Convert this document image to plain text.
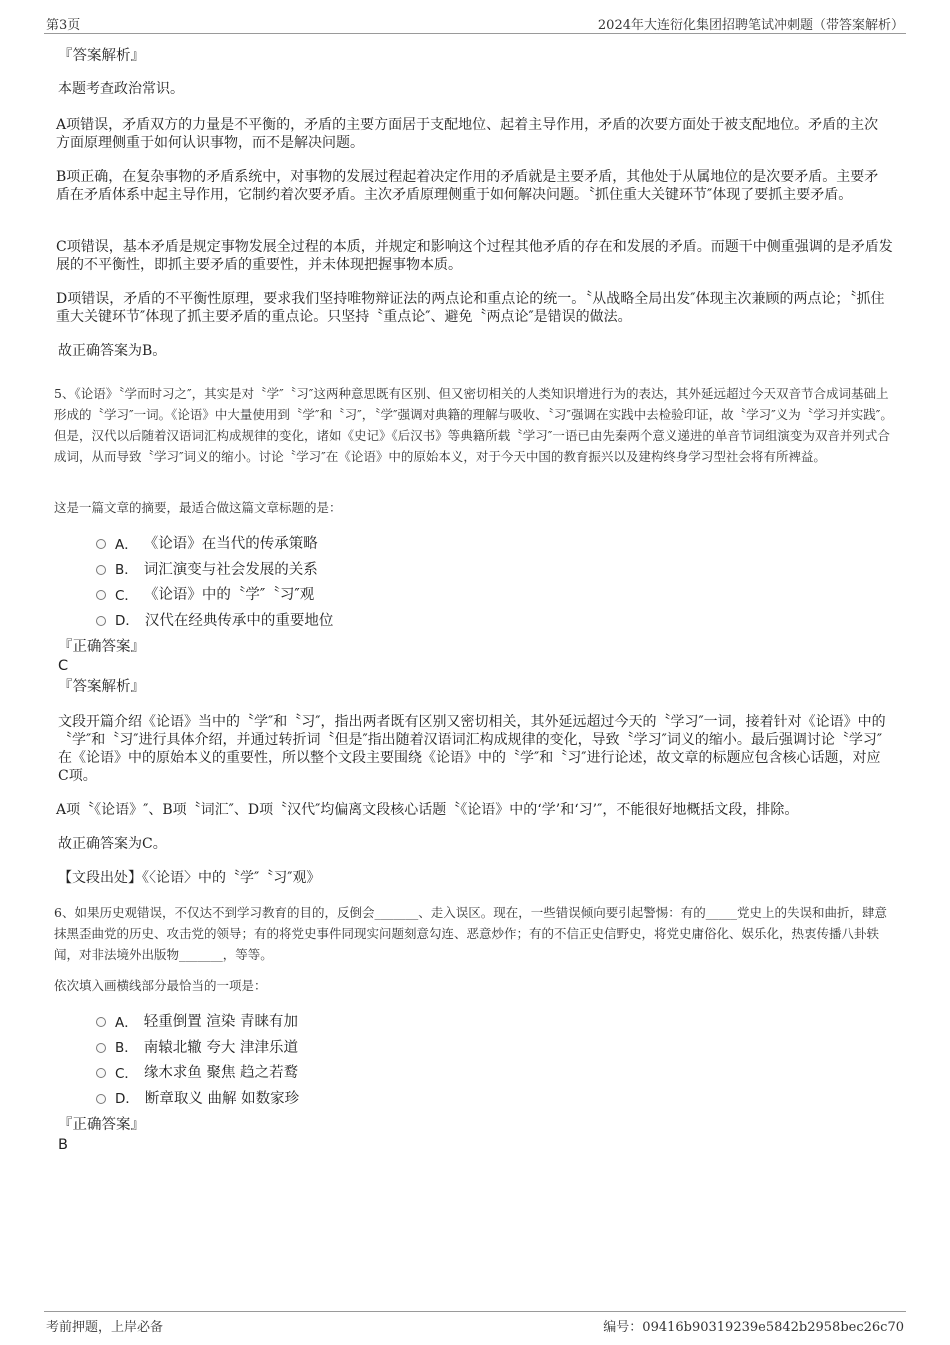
第3页	2024年大连衍化集团招聘笔试冲刺题（带答案解析）
『答案解析』
本题考查政治常识。
A项错误，矛盾双方的力量是不平衡的，矛盾的主要方面居于支配地位、起着主导作用，矛盾的次要方面处于被支配地位。矛盾的主次方面原理侧重于如何认识事物，而不是解决问题。
B项正确，在复杂事物的矛盾系统中，对事物的发展过程起着决定作用的矛盾就是主要矛盾，其他处于从属地位的是次要矛盾。主要矛盾在矛盾体系中起主导作用，它制约着次要矛盾。主次矛盾原理侧重于如何解决问题。〝抓住重大关键环节″体现了要抓主要矛盾。
C项错误，基本矛盾是规定事物发展全过程的本质，并规定和影响这个过程其他矛盾的存在和发展的矛盾。而题干中侧重强调的是矛盾发展的不平衡性，即抓主要矛盾的重要性，并未体现把握事物本质。
D项错误，矛盾的不平衡性原理，要求我们坚持唯物辩证法的两点论和重点论的统一。〝从战略全局出发″体现主次兼顾的两点论；〝抓住重大关键环节″体现了抓主要矛盾的重点论。只坚持〝重点论″、避免〝两点论″是错误的做法。
故正确答案为B。
5、《论语》〝学而时习之″，其实是对〝学″〝习″这两种意思既有区别、但又密切相关的人类知识增进行为的表达，其外延远超过今天双音节合成词基础上形成的〝学习″一词。《论语》中大量使用到〝学″和〝习″，〝学″强调对典籍的理解与吸收、〝习″强调在实践中去检验印证，故〝学习″义为〝学习并实践″。但是，汉代以后随着汉语词汇构成规律的变化，诸如《史记》《后汉书》等典籍所载〝学习″一语已由先秦两个意义递进的单音节词组演变为双音并列式合成词，从而导致〝学习″词义的缩小。讨论〝学习″在《论语》中的原始本义，对于今天中国的教育振兴以及建构终身学习型社会将有所裨益。
这是一篇文章的摘要，最适合做这篇文章标题的是：
A． 《论语》在当代的传承策略
B． 词汇演变与社会发展的关系
C． 《论语》中的〝学″〝习″观
D． 汉代在经典传承中的重要地位
『正确答案』
C
『答案解析』
文段开篇介绍《论语》当中的〝学″和〝习″，指出两者既有区别又密切相关，其外延远超过今天的〝学习″一词，接着针对《论语》中的〝学″和〝习″进行具体介绍，并通过转折词〝但是″指出随着汉语词汇构成规律的变化，导致〝学习″词义的缩小。最后强调讨论〝学习″在《论语》中的原始本义的重要性，所以整个文段主要围绕《论语》中的〝学″和〝习″进行论述，故文章的标题应包含核心话题，对应C项。
A项〝《论语》″、B项〝词汇″、D项〝汉代″均偏离文段核心话题〝《论语》中的‘学’和‘习’″，不能很好地概括文段，排除。
故正确答案为C。
【文段出处】《〈论语〉中的〝学″〝习″观》
6、如果历史观错误，不仅达不到学习教育的目的，反倒会_______、走入误区。现在，一些错误倾向要引起警惕：有的_____党史上的失误和曲折，肆意抹黑歪曲党的历史、攻击党的领导；有的将党史事件同现实问题刻意勾连、恶意炒作；有的不信正史信野史，将党史庸俗化、娱乐化，热衷传播八卦轶闻，对非法境外出版物_______，等等。
依次填入画横线部分最恰当的一项是：
A． 轻重倒置 渲染 青睐有加
B． 南辕北辙 夸大 津津乐道
C． 缘木求鱼 聚焦 趋之若鹜
D． 断章取义 曲解 如数家珍
『正确答案』
B
考前押题，上岸必备	编号：09416b90319239e5842b2958bec26c70
